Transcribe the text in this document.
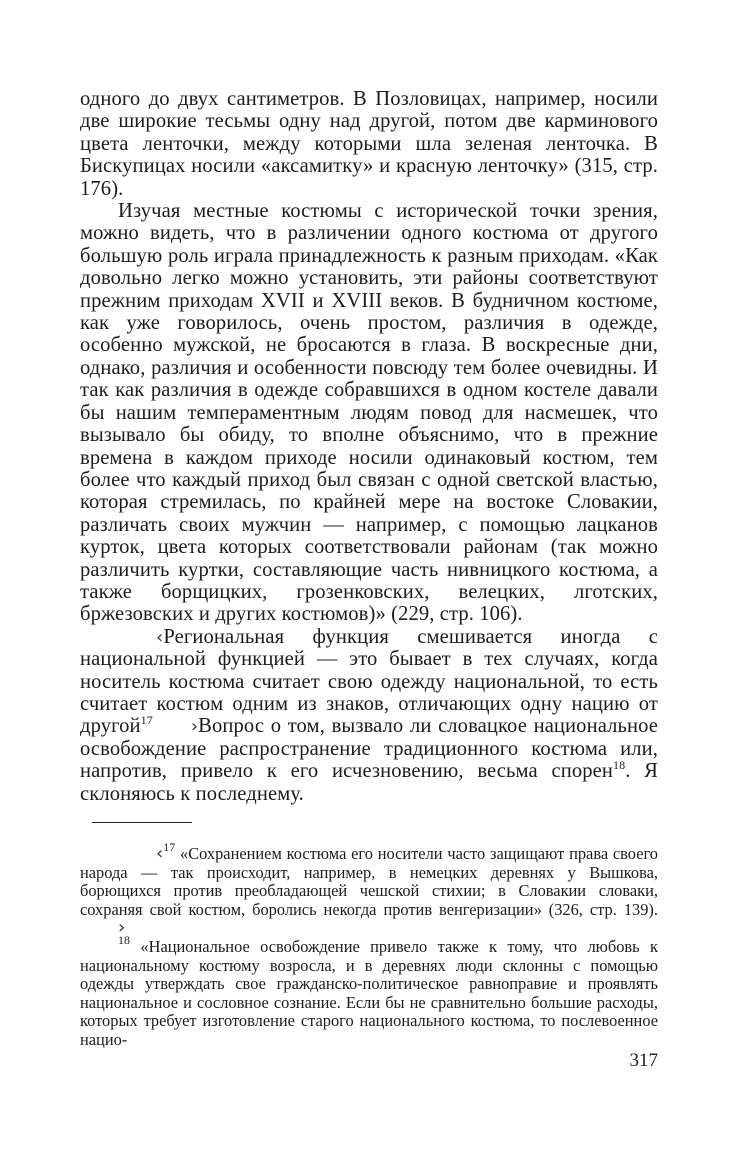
одного до двух сантиметров. В Позловицах, например, носили две широкие тесьмы одну над другой, потом две карминового цвета ленточки, между которыми шла зеленая ленточка. В Бискупицах носили «аксамитку» и красную ленточку» (315, стр. 176).

Изучая местные костюмы с исторической точки зрения, можно видеть, что в различении одного костюма от другого большую роль играла принадлежность к разным приходам. «Как довольно легко можно установить, эти районы соответствуют прежним приходам XVII и XVIII веков. В будничном костюме, как уже говорилось, очень простом, различия в одежде, особенно мужской, не бросаются в глаза. В воскресные дни, однако, различия и особенности повсюду тем более очевидны. И так как различия в одежде собравшихся в одном костеле давали бы нашим темпераментным людям повод для насмешек, что вызывало бы обиду, то вполне объяснимо, что в прежние времена в каждом приходе носили одинаковый костюм, тем более что каждый приход был связан с одной светской властью, которая стремилась, по крайней мере на востоке Словакии, различать своих мужчин — например, с помощью лацканов курток, цвета которых соответствовали районам (так можно различить куртки, составляющие часть нивницкого костюма, а также борщицких, грозенковских, велецких, лготских, бржезовских и других костюмов)» (229, стр. 106).

‹Региональная функция смешивается иногда с национальной функцией — это бывает в тех случаях, когда носитель костюма считает свою одежду национальной, то есть считает костюм одним из знаков, отличающих одну нацию от другой$^{17}$ ›Вопрос о том, вызвало ли словацкое национальное освобождение распространение традиционного костюма или, напротив, привело к его исчезновению, весьма спорен$^{18}$. Я склоняюсь к последнему.

‹$^{17}$ «Сохранением костюма его носители часто защищают права своего народа — так происходит, например, в немецких деревнях у Вышкова, борющихся против преобладающей чешской стихии; в Словакии словаки, сохраняя свой костюм, боролись некогда против венгеризации» (326, стр. 139).›

$^{18}$ «Национальное освобождение привело также к тому, что любовь к национальному костюму возросла, и в деревнях люди склонны с помощью одежды утверждать свое гражданско-политическое равноправие и проявлять национальное и сословное сознание. Если бы не сравнительно большие расходы, которых требует изготовление старого национального костюма, то послевоенное нацио-

317
